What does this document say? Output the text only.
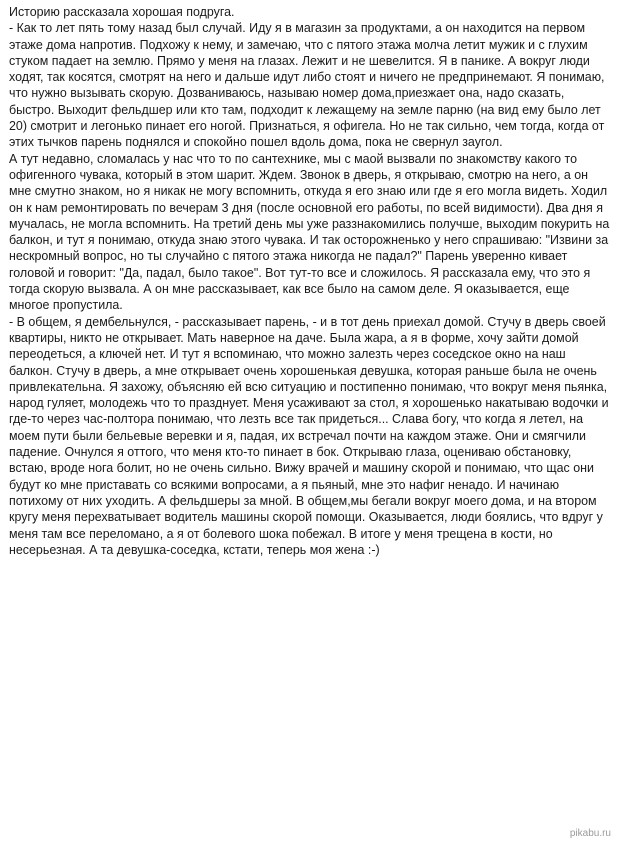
Историю рассказала хорошая подруга.

- Как то лет пять тому назад был случай. Иду я в магазин за продуктами, а он находится на первом этаже дома напротив. Подхожу к нему, и замечаю, что с пятого этажа молча летит мужик и с глухим стуком падает на землю. Прямо у меня на глазах. Лежит и не шевелится. Я в панике. А вокруг люди ходят, так косятся, смотрят на него и дальше идут либо стоят и ничего не предпринемают. Я понимаю, что нужно вызывать скорую. Дозваниваюсь, называю номер дома,приезжает она, надо сказать, быстро. Выходит фельдшер или кто там, подходит к лежащему на земле парню (на вид ему было лет 20) смотрит и легонько пинает его ногой. Признаться, я офигела. Но не так сильно, чем тогда, когда от этих тычков парень поднялся и спокойно пошел вдоль дома, пока не свернул заугол.

А тут недавно, сломалась у нас что то по сантехнике, мы с маой вызвали по знакомству какого то офигенного чувака, который в этом шарит. Ждем. Звонок в дверь, я открываю, смотрю на него, а он мне смутно знаком, но я никак не могу вспомнить, откуда я его знаю или где я его могла видеть. Ходил он к нам ремонтировать по вечерам 3 дня (после основной его работы, по всей видимости). Два дня я мучалась, не могла вспомнить. На третий день мы уже раззнакомились получше, выходим покурить на балкон, и тут я понимаю, откуда знаю этого чувака. И так осторожненько у него спрашиваю: "Извини за нескромный вопрос, но ты случайно с пятого этажа никогда не падал?" Парень уверенно кивает головой и говорит: "Да, падал, было такое". Вот тут-то все и сложилось. Я рассказала ему, что это я тогда скорую вызвала. А он мне рассказывает, как все было на самом деле. Я оказывается, еще многое пропустила.

- В общем, я дембельнулся, - рассказывает парень, - и в тот день приехал домой. Стучу в дверь своей квартиры, никто не открывает. Мать наверное на даче. Была жара, а я в форме, хочу зайти домой переодеться, а ключей нет. И тут я вспоминаю, что можно залезть через соседское окно на наш балкон. Стучу в дверь, а мне открывает очень хорошенькая девушка, которая раньше была не очень привлекательна. Я захожу, объясняю ей всю ситуацию и постипенно понимаю, что вокруг меня пьянка, народ гуляет, молодежь что то празднует. Меня усаживают за стол, я хорошенько накатываю водочки и где-то через час-полтора понимаю, что лезть все так придеться... Слава богу, что когда я летел, на моем пути были бельевые веревки и я, падая, их встречал почти на каждом этаже. Они и смягчили падение. Очнулся я оттого, что меня кто-то пинает в бок. Открываю глаза, оцениваю обстановку, встаю, вроде нога болит, но не очень сильно. Вижу врачей и машину скорой и понимаю, что щас они будут ко мне приставать со всякими вопросами, а я пьяный, мне это нафиг ненадо. И начинаю потихому от них уходить. А фельдшеры за мной. В общем,мы бегали вокруг моего дома, и на втором кругу меня перехватывает водитель машины скорой помощи. Оказывается, люди боялись, что вдруг у меня там все переломано, а я от болевого шока побежал. В итоге у меня трещена в кости, но несерьезная. А та девушка-соседка, кстати, теперь моя жена :-)

pikabu.ru
